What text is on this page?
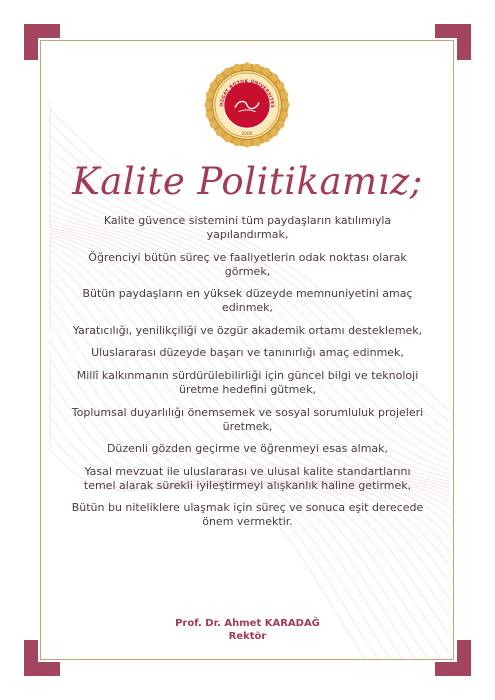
OZGAT BOZOK ÜNİVERSİTES
2006
Kalite Politikamız;
Kalite güvence sistemini tüm paydaşların katılımıyla yapılandırmak,
Öğrenciyi bütün süreç ve faaliyetlerin odak noktası olarak görmek,
Bütün paydaşların en yüksek düzeyde memnuniyetini amaç edinmek,
Yaratıcılığı, yenilikçiliği ve özgür akademik ortamı desteklemek,
Uluslararası düzeyde başarı ve tanınırlığı amaç edinmek,
Millî kalkınmanın sürdürülebilirliği için güncel bilgi ve teknoloji üretme hedefini gütmek,
Toplumsal duyarlılığı önemsemek ve sosyal sorumluluk projeleri üretmek,
Düzenli gözden geçirme ve öğrenmeyi esas almak,
Yasal mevzuat ile uluslararası ve ulusal kalite standartlarını temel alarak sürekli iyileştirmeyi alışkanlık haline getirmek,
Bütün bu niteliklere ulaşmak için süreç ve sonuca eşit derecede önem vermektir.
Prof. Dr. Ahmet KARADAĞ
Rektör
